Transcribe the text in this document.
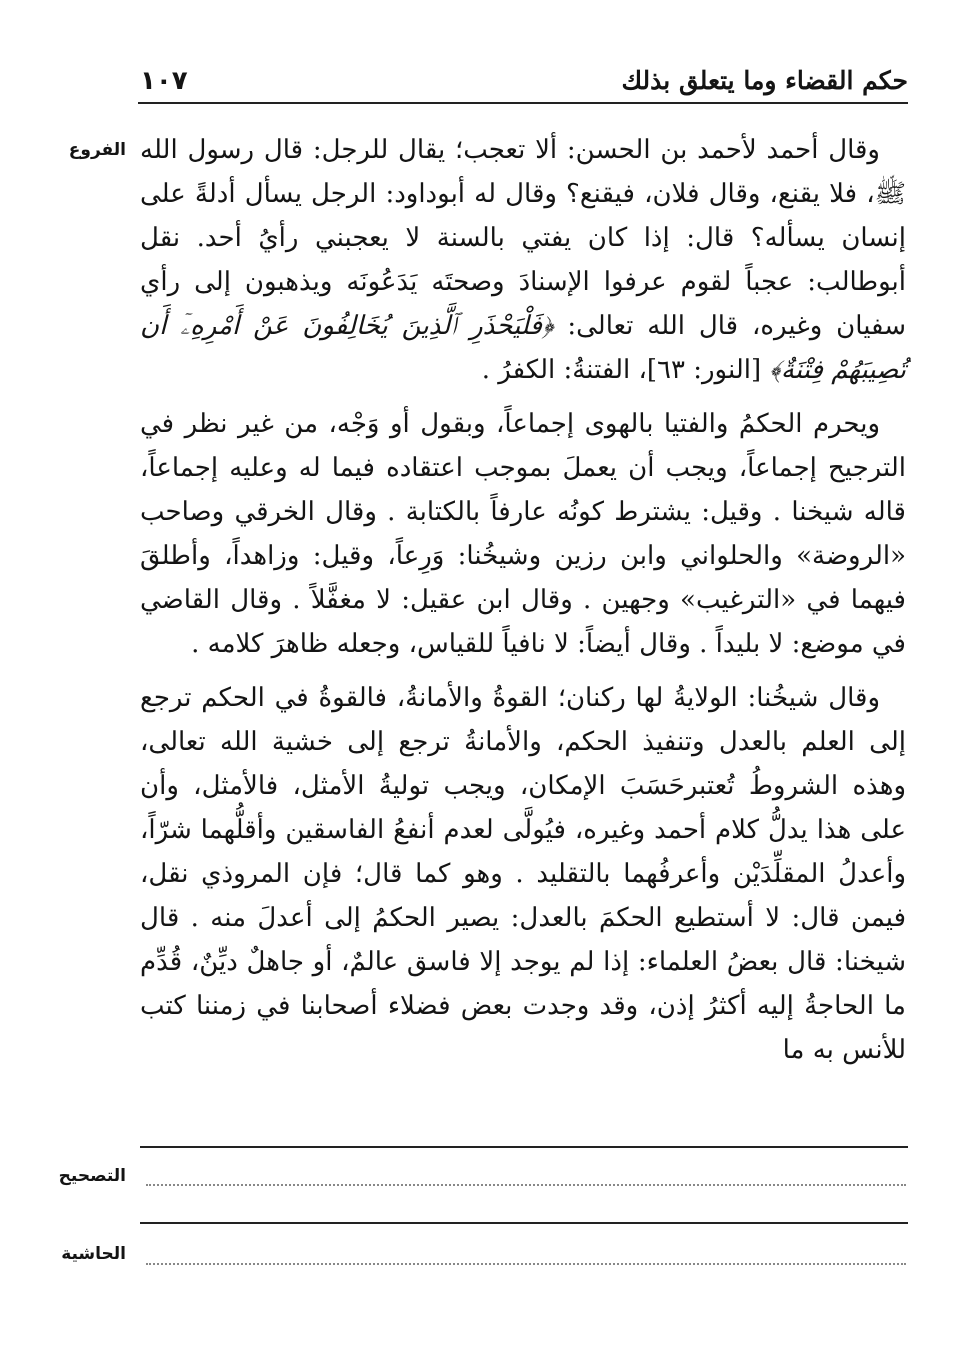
١٠٧	حكم القضاء وما يتعلق بذلك
الفروع وقال أحمد لأحمد بن الحسن: ألا تعجب؛ يقال للرجل: قال رسول الله ﷺ، فلا يقنع، وقال فلان، فيقنع؟ وقال له أبوداود: الرجل يسأل أدلةً على إنسان يسأله؟ قال: إذا كان يفتي بالسنة لا يعجبني رأيُ أحد. نقل أبوطالب: عجباً لقوم عرفوا الإسنادَ وصحتَه يَدَعُونَه ويذهبون إلى رأي سفيان وغيره، قال الله تعالى: ﴿فَلْيَحْذَرِ ٱلَّذِينَ يُخَالِفُونَ عَنْ أَمْرِهِۦٓ أَن تُصِيبَهُمْ فِتْنَةٌ﴾ [النور: ٦٣]، الفتنةُ: الكفرُ .

ويحرم الحكمُ والفتيا بالهوى إجماعاً، وبقول أو وَجْه، من غير نظر في الترجيح إجماعاً، ويجب أن يعملَ بموجب اعتقاده فيما له وعليه إجماعاً، قاله شيخنا . وقيل: يشترط كونُه عارفاً بالكتابة . وقال الخرقي وصاحب «الروضة» والحلواني وابن رزين وشيخُنا: وَرِعاً، وقيل: وزاهداً، وأطلقَ فيهما في «الترغيب» وجهين . وقال ابن عقيل: لا مغفَّلاً . وقال القاضي في موضع: لا بليداً . وقال أيضاً: لا نافياً للقياس، وجعله ظاهرَ كلامه .

وقال شيخُنا: الولايةُ لها ركنان؛ القوةُ والأمانةُ، فالقوةُ في الحكم ترجع إلى العلم بالعدل وتنفيذ الحكم، والأمانةُ ترجع إلى خشية الله تعالى، وهذه الشروطُ تُعتبرحَسَبَ الإمكان، ويجب توليةُ الأمثل، فالأمثل، وأن على هذا يدلُّ كلام أحمد وغيره، فيُولَّى لعدم أنفعُ الفاسقين وأقلُّهما شرّاً، وأعدلُ المقلِّدَيْن وأعرفُهما بالتقليد . وهو كما قال؛ فإن المروذي نقل، فيمن قال: لا أستطيع الحكمَ بالعدل: يصير الحكمُ إلى أعدلَ منه . قال شيخنا: قال بعضُ العلماء: إذا لم يوجد إلا فاسق عالمٌ، أو جاهلٌ ديِّنٌ، قُدِّم ما الحاجةُ إليه أكثرُ إذن، وقد وجدت بعض فضلاء أصحابنا في زمننا كتب للأنس به ما

التصحيح
الحاشية
